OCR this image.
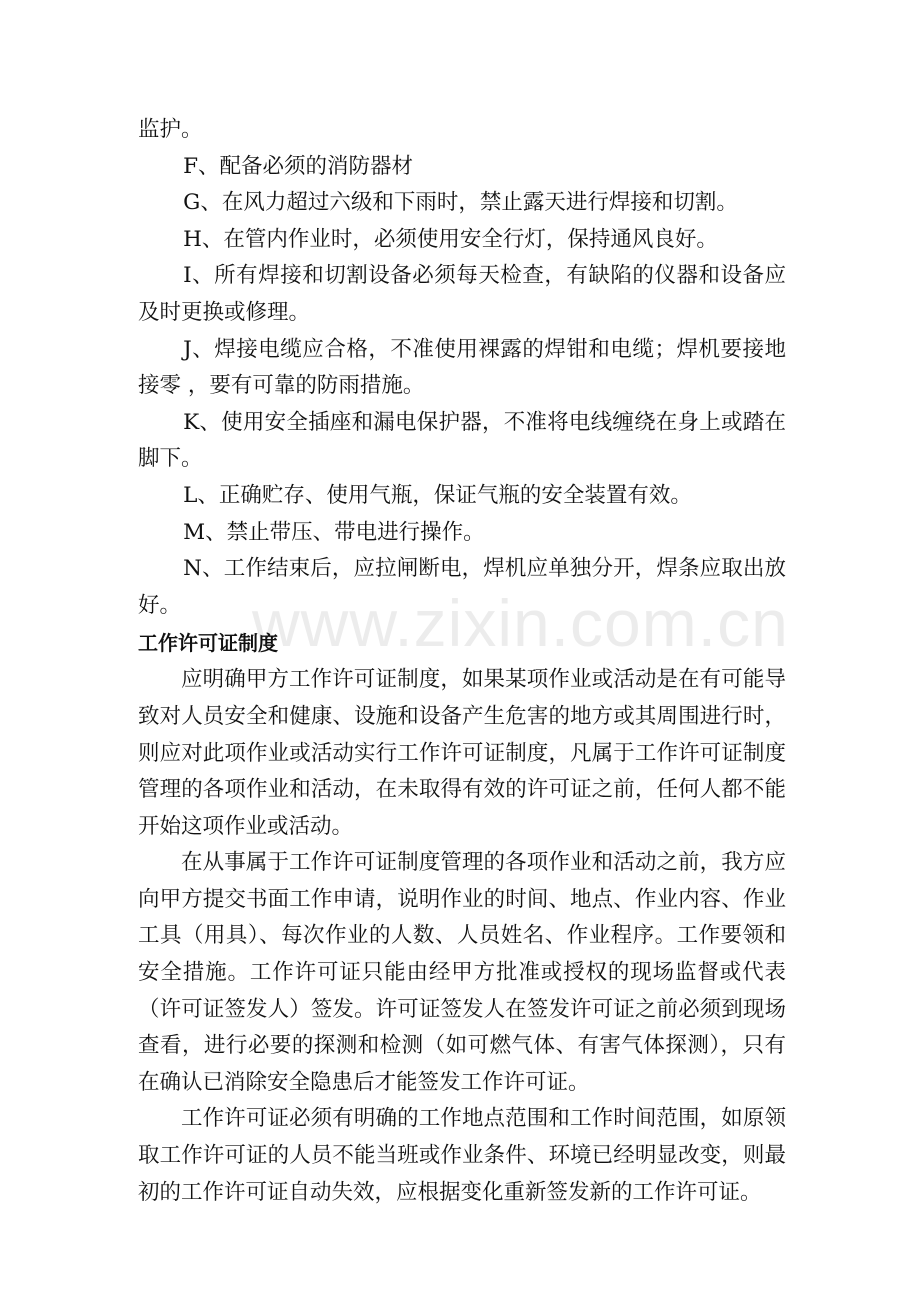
www.zixin.com.cn

监护。

F、配备必须的消防器材

G、在风力超过六级和下雨时，禁止露天进行焊接和切割。

H、在管内作业时，必须使用安全行灯，保持通风良好。

I、所有焊接和切割设备必须每天检查，有缺陷的仪器和设备应及时更换或修理。

J、焊接电缆应合格，不准使用裸露的焊钳和电缆；焊机要接地接零 ，要有可靠的防雨措施。

K、使用安全插座和漏电保护器，不准将电线缠绕在身上或踏在脚下。

L、正确贮存、使用气瓶，保证气瓶的安全装置有效。

M、禁止带压、带电进行操作。

N、工作结束后，应拉闸断电，焊机应单独分开，焊条应取出放好。

工作许可证制度

应明确甲方工作许可证制度，如果某项作业或活动是在有可能导致对人员安全和健康、设施和设备产生危害的地方或其周围进行时，则应对此项作业或活动实行工作许可证制度，凡属于工作许可证制度管理的各项作业和活动，在未取得有效的许可证之前，任何人都不能开始这项作业或活动。

在从事属于工作许可证制度管理的各项作业和活动之前，我方应向甲方提交书面工作申请，说明作业的时间、地点、作业内容、作业工具（用具）、每次作业的人数、人员姓名、作业程序。工作要领和安全措施。工作许可证只能由经甲方批准或授权的现场监督或代表（许可证签发人）签发。许可证签发人在签发许可证之前必须到现场查看，进行必要的探测和检测（如可燃气体、有害气体探测），只有在确认已消除安全隐患后才能签发工作许可证。

工作许可证必须有明确的工作地点范围和工作时间范围，如原领取工作许可证的人员不能当班或作业条件、环境已经明显改变，则最初的工作许可证自动失效，应根据变化重新签发新的工作许可证。
